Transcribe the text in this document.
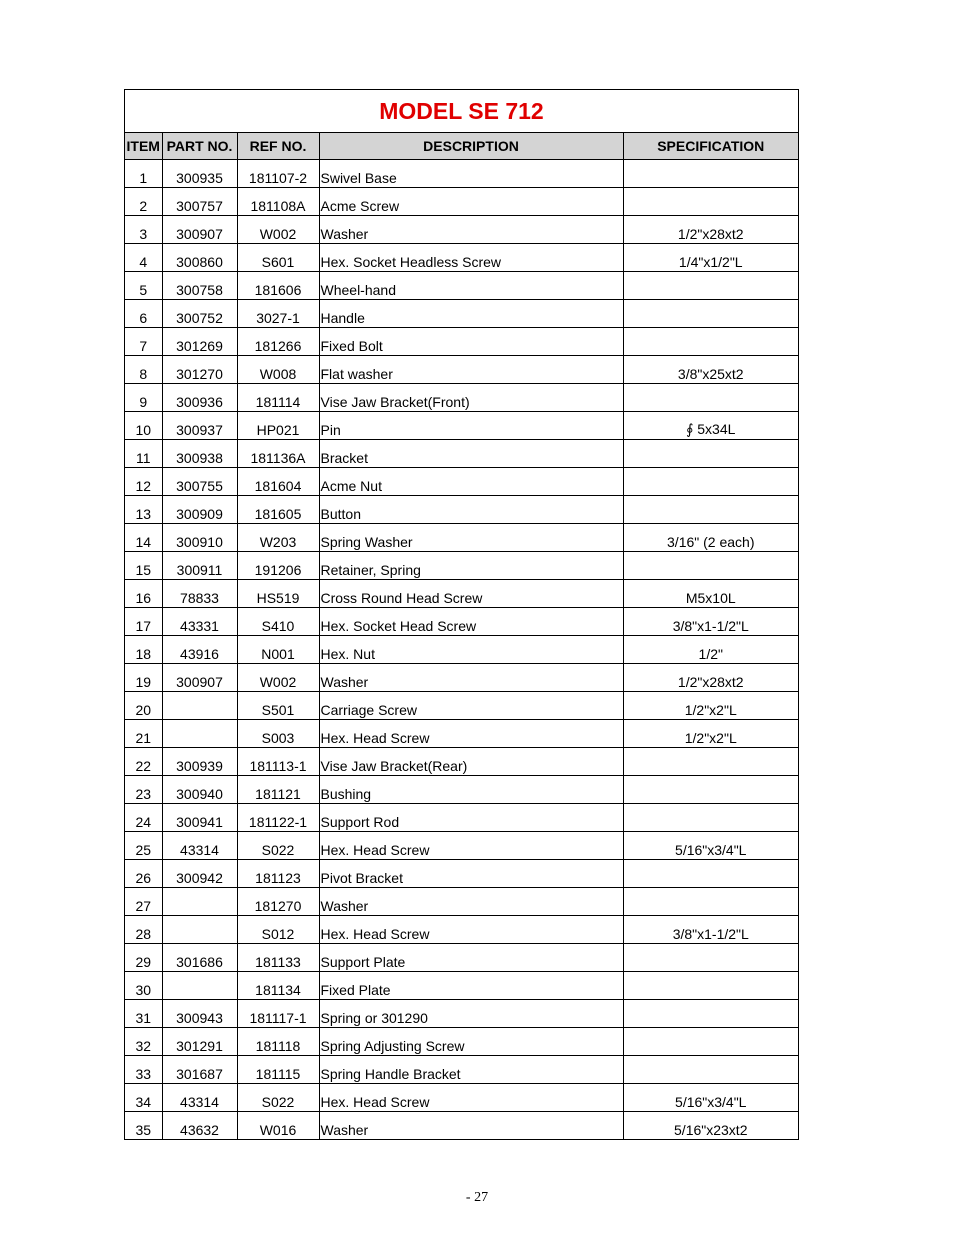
MODEL SE 712
ITEM	PART NO.	REF NO.	DESCRIPTION	SPECIFICATION
1	300935	181107-2	Swivel Base	
2	300757	181108A	Acme Screw	
3	300907	W002	Washer	1/2"x28xt2
4	300860	S601	Hex. Socket Headless Screw	1/4"x1/2"L
5	300758	181606	Wheel-hand	
6	300752	3027-1	Handle	
7	301269	181266	Fixed Bolt	
8	301270	W008	Flat washer	3/8"x25xt2
9	300936	181114	Vise Jaw Bracket(Front)	
10	300937	HP021	Pin	∮ 5x34L
11	300938	181136A	Bracket	
12	300755	181604	Acme Nut	
13	300909	181605	Button	
14	300910	W203	Spring Washer	3/16" (2 each)
15	300911	191206	Retainer, Spring	
16	78833	HS519	Cross Round Head Screw	M5x10L
17	43331	S410	Hex. Socket Head Screw	3/8"x1-1/2"L
18	43916	N001	Hex. Nut	1/2"
19	300907	W002	Washer	1/2"x28xt2
20		S501	Carriage Screw	1/2"x2"L
21		S003	Hex. Head Screw	1/2"x2"L
22	300939	181113-1	Vise Jaw Bracket(Rear)	
23	300940	181121	Bushing	
24	300941	181122-1	Support Rod	
25	43314	S022	Hex. Head Screw	5/16"x3/4"L
26	300942	181123	Pivot Bracket	
27		181270	Washer	
28		S012	Hex. Head Screw	3/8"x1-1/2"L
29	301686	181133	Support Plate	
30		181134	Fixed Plate	
31	300943	181117-1	Spring or 301290	
32	301291	181118	Spring Adjusting Screw	
33	301687	181115	Spring Handle Bracket	
34	43314	S022	Hex. Head Screw	5/16"x3/4"L
35	43632	W016	Washer	5/16"x23xt2
- 27
